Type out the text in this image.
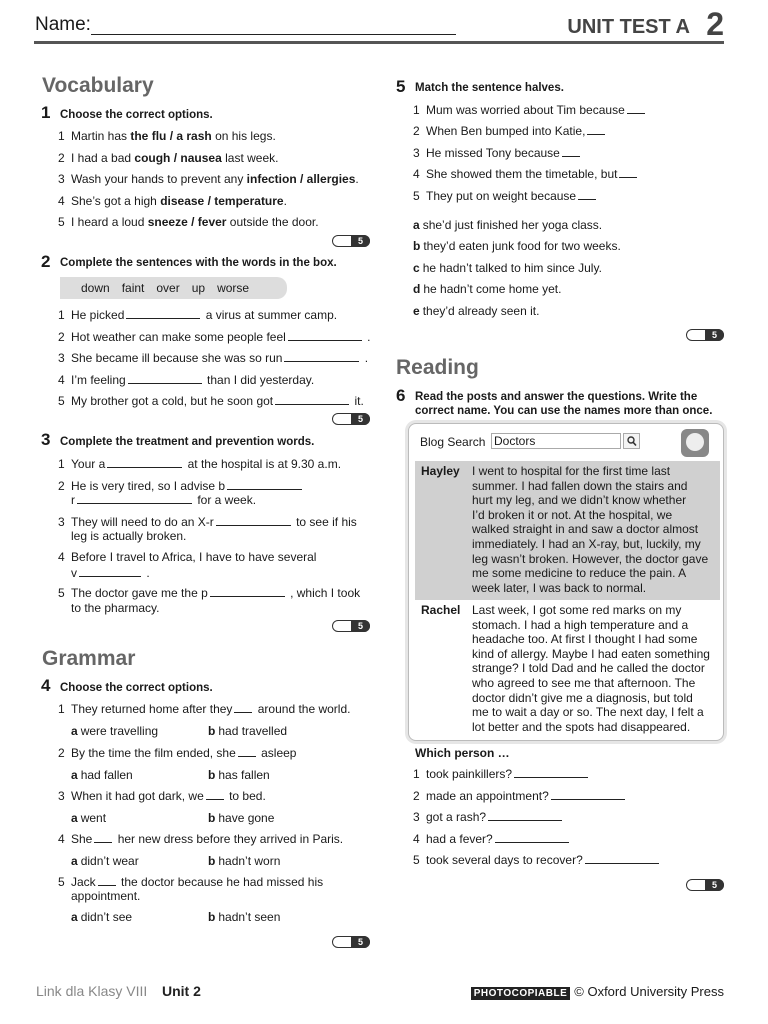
Name:	UNIT TEST A 2
Vocabulary
1 Choose the correct options.
1 Martin has the flu / a rash on his legs.
2 I had a bad cough / nausea last week.
3 Wash your hands to prevent any infection / allergies.
4 She’s got a high disease / temperature.
5 I heard a loud sneeze / fever outside the door.
5
2 Complete the sentences with the words in the box.
down faint over up worse
1 He picked	a virus at summer camp.
2 Hot weather can make some people feel	.
3 She became ill because she was so run	.
4 I’m feeling	than I did yesterday.
5 My brother got a cold, but he soon got	it.
5
3 Complete the treatment and prevention words.
1 Your a	at the hospital is at 9.30 a.m.
2 He is very tired, so I advise b
r	for a week.
3 They will need to do an X-r	to see if his
leg is actually broken.
4 Before I travel to Africa, I have to have several
v	.
5 The doctor gave me the p	, which I took
to the pharmacy.
5
Grammar
4 Choose the correct options.
1 They returned home after they around the world.
a were travelling	b had travelled
2 By the time the film ended, she asleep
a had fallen	b has fallen
3 When it had got dark, we to bed.
a went	b have gone
4 She her new dress before they arrived in Paris.
a didn’t wear	b hadn’t worn
5 Jack the doctor because he had missed his
appointment.
a didn’t see	b hadn’t seen
5
5 Match the sentence halves.
1 Mum was worried about Tim because
2 When Ben bumped into Katie,
3 He missed Tony because
4 She showed them the timetable, but
5 They put on weight because
a she’d just finished her yoga class.
b they’d eaten junk food for two weeks.
c he hadn’t talked to him since July.
d he hadn’t come home yet.
e they’d already seen it.
5
Reading
6 Read the posts and answer the questions. Write the
correct name. You can use the names more than once.
Blog Search Doctors
Hayley I went to hospital for the first time last
summer. I had fallen down the stairs and
hurt my leg, and we didn’t know whether
I’d broken it or not. At the hospital, we
walked straight in and saw a doctor almost
immediately. I had an X-ray, but, luckily, my
leg wasn’t broken. However, the doctor gave
me some medicine to reduce the pain. A
week later, I was back to normal.
Rachel Last week, I got some red marks on my
stomach. I had a high temperature and a
headache too. At first I thought I had some
kind of allergy. Maybe I had eaten something
strange? I told Dad and he called the doctor
who agreed to see me that afternoon. The
doctor didn’t give me a diagnosis, but told
me to wait a day or so. The next day, I felt a
lot better and the spots had disappeared.
Which person …
1 took painkillers?
2 made an appointment?
3 got a rash?
4 had a fever?
5 took several days to recover?
5
Link dla Klasy VIII Unit 2	PHOTOCOPIABLE © Oxford University Press
